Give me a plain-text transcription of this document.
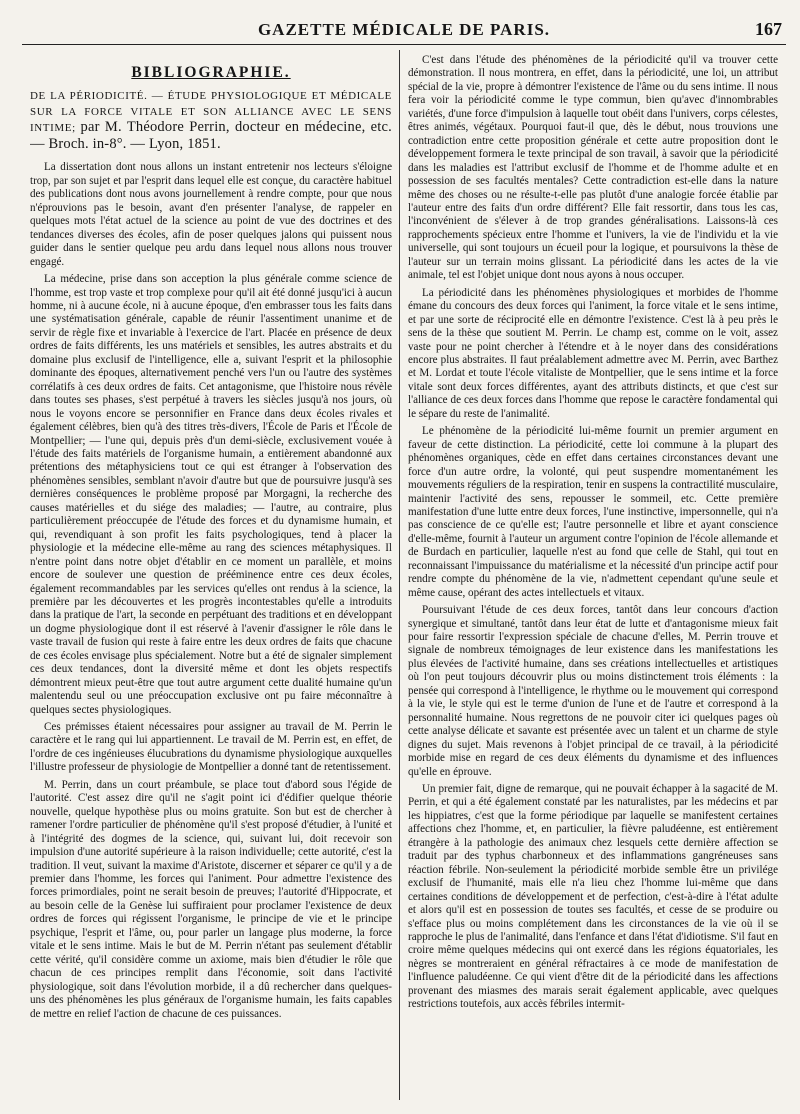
GAZETTE MÉDICALE DE PARIS.	167
BIBLIOGRAPHIE.
DE LA PÉRIODICITÉ. — ÉTUDE PHYSIOLOGIQUE ET MÉDICALE SUR LA FORCE VITALE ET SON ALLIANCE AVEC LE SENS INTIME; par M. Théodore Perrin, docteur en médecine, etc. — Broch. in-8°. — Lyon, 1851.

La dissertation dont nous allons un instant entretenir nos lecteurs s'éloigne trop, par son sujet et par l'esprit dans lequel elle est conçue, du caractère habituel des publications dont nous avons journellement à rendre compte, pour que nous n'éprouvions pas le besoin, avant d'en présenter l'analyse, de rappeler en quelques mots l'état actuel de la science au point de vue des doctrines et des tendances diverses des écoles, afin de poser quelques jalons qui puissent nous guider dans le sentier quelque peu ardu dans lequel nous allons nous trouver engagé.

La médecine, prise dans son acception la plus générale comme science de l'homme, est trop vaste et trop complexe pour qu'il ait été donné jusqu'ici à aucun homme, ni à aucune école, ni à aucune époque, d'en embrasser tous les faits dans une systématisation générale, capable de réunir l'assentiment unanime et de servir de règle fixe et invariable à l'exercice de l'art. Placée en présence de deux ordres de faits différents, les uns matériels et sensibles, les autres abstraits et du domaine plus exclusif de l'intelligence, elle a, suivant l'esprit et la philosophie dominante des époques, alternativement penché vers l'un ou l'autre des systèmes corrélatifs à ces deux ordres de faits. Cet antagonisme, que l'histoire nous révèle dans toutes ses phases, s'est perpétué à travers les siècles jusqu'à nos jours, où nous le voyons encore se personnifier en France dans deux écoles rivales et également célèbres, bien qu'à des titres très-divers, l'École de Paris et l'École de Montpellier; — l'une qui, depuis près d'un demi-siècle, exclusivement vouée à l'étude des faits matériels de l'organisme humain, a entièrement abandonné aux prétentions des métaphysiciens tout ce qui est étranger à l'observation des phénomènes sensibles, semblant n'avoir d'autre but que de poursuivre jusqu'à ses dernières conséquences le problème proposé par Morgagni, la recherche des causes matérielles et du siége des maladies; — l'autre, au contraire, plus particulièrement préoccupée de l'étude des forces et du dynamisme humain, et qui, revendiquant à son profit les faits psychologiques, tend à placer la physiologie et la médecine elle-même au rang des sciences métaphysiques. Il n'entre point dans notre objet d'établir en ce moment un parallèle, et moins encore de soulever une question de prééminence entre ces deux écoles, également recommandables par les services qu'elles ont rendus à la science, la première par les découvertes et les progrès incontestables qu'elle a introduits dans la pratique de l'art, la seconde en perpétuant des traditions et en développant un dogme physiologique dont il est réservé à l'avenir d'assigner le rôle dans le vaste travail de fusion qui reste à faire entre les deux ordres de faits que chacune de ces écoles envisage plus spécialement. Notre but a été de signaler simplement ces deux tendances, dont la diversité même et dont les objets respectifs démontrent mieux peut-être que tout autre argument cette dualité humaine qu'un malentendu seul ou une préoccupation exclusive ont pu faire méconnaître à quelques sectes physiologiques.

Ces prémisses étaient nécessaires pour assigner au travail de M. Perrin le caractère et le rang qui lui appartiennent. Le travail de M. Perrin est, en effet, de l'ordre de ces ingénieuses élucubrations du dynamisme physiologique auxquelles l'illustre professeur de physiologie de Montpellier a donné tant de retentissement.

M. Perrin, dans un court préambule, se place tout d'abord sous l'égide de l'autorité. C'est assez dire qu'il ne s'agit point ici d'édifier quelque théorie nouvelle, quelque hypothèse plus ou moins gratuite. Son but est de chercher à ramener l'ordre particulier de phénomène qu'il s'est proposé d'étudier, à l'unité et à l'intégrité des dogmes de la science, qui, suivant lui, doit recevoir son impulsion d'une autorité supérieure à la raison individuelle; cette autorité, c'est la tradition. Il veut, suivant la maxime d'Aristote, discerner et séparer ce qu'il y a de premier dans l'homme, les forces qui l'animent. Pour admettre l'existence des forces primordiales, point ne serait besoin de preuves; l'autorité d'Hippocrate, et au besoin celle de la Genèse lui suffiraient pour proclamer l'existence de deux ordres de forces qui régissent l'organisme, le principe de vie et le principe psychique, l'esprit et l'âme, ou, pour parler un langage plus moderne, la force vitale et le sens intime. Mais le but de M. Perrin n'étant pas seulement d'établir cette vérité, qu'il considère comme un axiome, mais bien d'étudier le rôle que chacun de ces principes remplit dans l'économie, soit dans l'activité physiologique, soit dans l'évolution morbide, il a dû rechercher dans quelques-uns des phénomènes les plus généraux de l'organisme humain, les faits capables de mettre en relief l'action de chacune de ces puissances.

C'est dans l'étude des phénomènes de la périodicité qu'il va trouver cette démonstration. Il nous montrera, en effet, dans la périodicité, une loi, un attribut spécial de la vie, propre à démontrer l'existence de l'âme ou du sens intime. Il nous fera voir la périodicité comme le type commun, bien qu'avec d'innombrables variétés, d'une force d'impulsion à laquelle tout obéit dans l'univers, corps célestes, êtres animés, végétaux. Pourquoi faut-il que, dès le début, nous trouvions une contradiction entre cette proposition générale et cette autre proposition dont le développement formera le texte principal de son travail, à savoir que la périodicité dans les maladies est l'attribut exclusif de l'homme et de l'homme adulte et en possession de ses facultés mentales? Cette contradiction est-elle dans la nature même des choses ou ne résulte-t-elle pas plutôt d'une analogie forcée établie par l'auteur entre des faits d'un ordre différent? Elle fait ressortir, dans tous les cas, l'inconvénient de s'élever à de trop grandes généralisations. Laissons-là ces rapprochements spécieux entre l'homme et l'univers, la vie de l'individu et la vie universelle, qui sont toujours un écueil pour la logique, et poursuivons la thèse de l'auteur sur un terrain moins glissant. La périodicité dans les actes de la vie animale, tel est l'objet unique dont nous ayons à nous occuper.

La périodicité dans les phénomènes physiologiques et morbides de l'homme émane du concours des deux forces qui l'animent, la force vitale et le sens intime, et par une sorte de réciprocité elle en démontre l'existence. C'est là à peu près le sens de la thèse que soutient M. Perrin. Le champ est, comme on le voit, assez vaste pour ne point chercher à l'étendre et à le noyer dans des considérations encore plus abstraites. Il faut préalablement admettre avec M. Perrin, avec Barthez et M. Lordat et toute l'école vitaliste de Montpellier, que le sens intime et la force vitale sont deux forces différentes, ayant des attributs distincts, et que c'est sur l'alliance de ces deux forces dans l'homme que repose le caractère fondamental qui le sépare du reste de l'animalité.

Le phénomène de la périodicité lui-même fournit un premier argument en faveur de cette distinction. La périodicité, cette loi commune à la plupart des phénomènes organiques, cède en effet dans certaines circonstances devant une force d'un autre ordre, la volonté, qui peut suspendre momentanément les mouvements réguliers de la respiration, tenir en suspens la contractilité musculaire, maintenir l'activité des sens, repousser le sommeil, etc. Cette première manifestation d'une lutte entre deux forces, l'une instinctive, impersonnelle, qui n'a pas conscience de ce qu'elle est; l'autre personnelle et libre et ayant conscience d'elle-même, fournit à l'auteur un argument contre l'opinion de l'école allemande et de Burdach en particulier, laquelle n'est au fond que celle de Stahl, qui tout en reconnaissant l'impuissance du matérialisme et la nécessité d'un principe actif pour rendre compte du phénomène de la vie, n'admettent cependant qu'une seule et même cause, opérant des actes intellectuels et vitaux.

Poursuivant l'étude de ces deux forces, tantôt dans leur concours d'action synergique et simultané, tantôt dans leur état de lutte et d'antagonisme mieux fait pour faire ressortir l'expression spéciale de chacune d'elles, M. Perrin trouve et signale de nombreux témoignages de leur existence dans les manifestations les plus élevées de l'activité humaine, dans ses créations intellectuelles et artistiques où l'on peut toujours découvrir plus ou moins distinctement trois éléments : la pensée qui correspond à l'intelligence, le rhythme ou le mouvement qui correspond à la vie, le style qui est le terme d'union de l'une et de l'autre et correspond à la personnalité humaine. Nous regrettons de ne pouvoir citer ici quelques pages où cette analyse délicate et savante est présentée avec un talent et un charme de style dignes du sujet. Mais revenons à l'objet principal de ce travail, à la périodicité morbide mise en regard de ces deux éléments du dynamisme et des influences qu'elle en éprouve.

Un premier fait, digne de remarque, qui ne pouvait échapper à la sagacité de M. Perrin, et qui a été également constaté par les naturalistes, par les médecins et par les hippiatres, c'est que la forme périodique par laquelle se manifestent certaines affections chez l'homme, et, en particulier, la fièvre paludéenne, est entièrement étrangère à la pathologie des animaux chez lesquels cette dernière affection se traduit par des typhus charbonneux et des inflammations gangréneuses sans réaction fébrile. Non-seulement la périodicité morbide semble être un privilége exclusif de l'humanité, mais elle n'a lieu chez l'homme lui-même que dans certaines conditions de développement et de perfection, c'est-à-dire à l'état adulte et alors qu'il est en possession de toutes ses facultés, et cesse de se produire ou s'efface plus ou moins complétement dans les circonstances de la vie où il se rapproche le plus de l'animalité, dans l'enfance et dans l'état d'idiotisme. S'il faut en croire même quelques médecins qui ont exercé dans les régions équatoriales, les nègres se montreraient en général réfractaires à ce mode de manifestation de l'influence paludéenne. Ce qui vient d'être dit de la périodicité dans les affections provenant des miasmes des marais serait également applicable, avec quelques restrictions toutefois, aux accès fébriles intermit-
